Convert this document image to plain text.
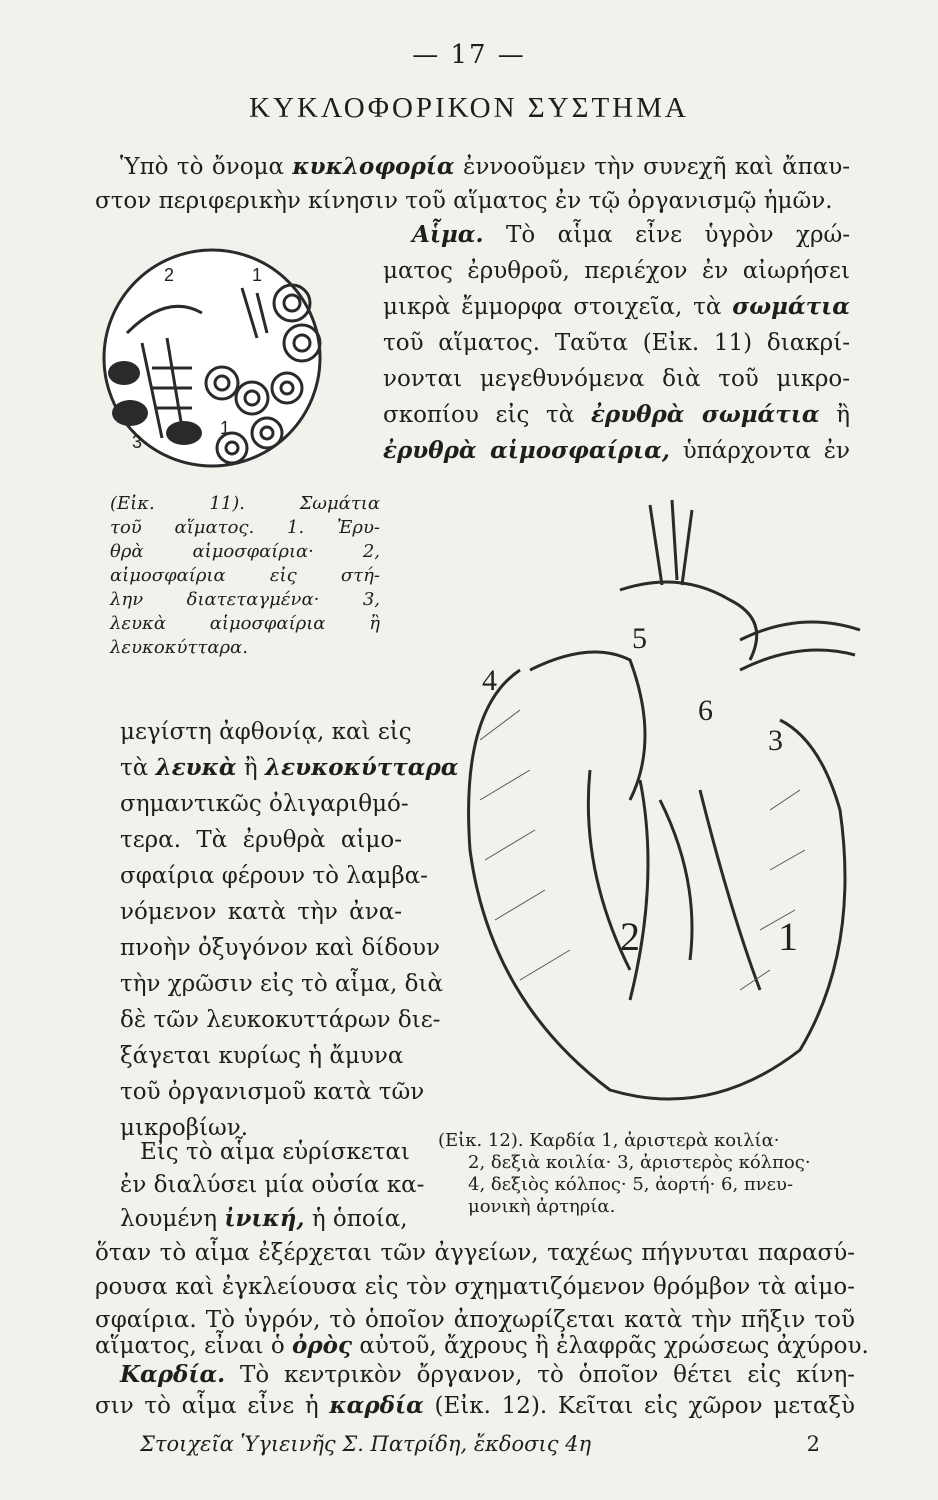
— 17 —
ΚΥΚΛΟΦΟΡΙΚΟΝ ΣΥΣΤΗΜΑ
Ὑπὸ τὸ ὄνομα κυκλοφορία ἐννοοῦμεν τὴν συνεχῆ καὶ ἄπαυ-
στον περιφερικὴν κίνησιν τοῦ αἵματος ἐν τῷ ὀργανισμῷ ἡμῶν.
2	1
3
1
Αἷμα. Τὸ αἷμα εἶνε ὑγρὸν χρώ-
ματος ἐρυθροῦ, περιέχον ἐν αἰωρήσει
μικρὰ ἔμμορφα στοιχεῖα, τὰ σωμάτια
τοῦ αἵματος. Ταῦτα (Εἰκ. 11) διακρί-
νονται μεγεθυνόμενα διὰ τοῦ μικρο-
σκοπίου εἰς τὰ ἐρυθρὰ σωμάτια ἢ
ἐρυθρὰ αἱμοσφαίρια, ὑπάρχοντα ἐν
(Εἰκ. 11). Σωμάτια
τοῦ αἵματος. 1. Ἐρυ-
θρὰ αἱμοσφαίρια· 2,
αἱμοσφαίρια εἰς στή-
λην διατεταγμένα· 3,
λευκὰ αἱμοσφαίρια ἢ
λευκοκύτταρα.	5
4
6
3
2	1
μεγίστη ἀφθονίᾳ, καὶ εἰς
τὰ λευκὰ ἢ λευκοκύτταρα
σημαντικῶς ὀλιγαριθμό-
τερα. Τὰ ἐρυθρὰ αἱμο-
σφαίρια φέρουν τὸ λαμβα-
νόμενον κατὰ τὴν ἀνα-
πνοὴν ὀξυγόνον καὶ δίδουν
τὴν χρῶσιν εἰς τὸ αἷμα, διὰ
δὲ τῶν λευκοκυττάρων διε-
ξάγεται κυρίως ἡ ἄμυνα
τοῦ ὀργανισμοῦ κατὰ τῶν
μικροβίων.
Εἰς τὸ αἷμα εὑρίσκεται
ἐν διαλύσει μία οὐσία κα-
λουμένη ἰνική, ἡ ὁποία,
(Εἰκ. 12). Καρδία 1, ἀριστερὰ κοιλία·
2, δεξιὰ κοιλία· 3, ἀριστερὸς κόλπος·
4, δεξιὸς κόλπος· 5, ἀορτή· 6, πνευ-
μονικὴ ἀρτηρία.
ὅταν τὸ αἷμα ἐξέρχεται τῶν ἀγγείων, ταχέως πήγνυται παρασύ-
ρουσα καὶ ἐγκλείουσα εἰς τὸν σχηματιζόμενον θρόμβον τὰ αἱμο-
σφαίρια. Τὸ ὑγρόν, τὸ ὁποῖον ἀποχωρίζεται κατὰ τὴν πῆξιν τοῦ
αἵματος, εἶναι ὁ ὀρὸς αὐτοῦ, ἄχρους ἢ ἐλαφρᾶς χρώσεως ἀχύρου.
Καρδία. Τὸ κεντρικὸν ὄργανον, τὸ ὁποῖον θέτει εἰς κίνη-
σιν τὸ αἷμα εἶνε ἡ καρδία (Εἰκ. 12). Κεῖται εἰς χῶρον μεταξὺ
Στοιχεῖα Ὑγιεινῆς Σ. Πατρίδη, ἔκδοσις 4η	2
